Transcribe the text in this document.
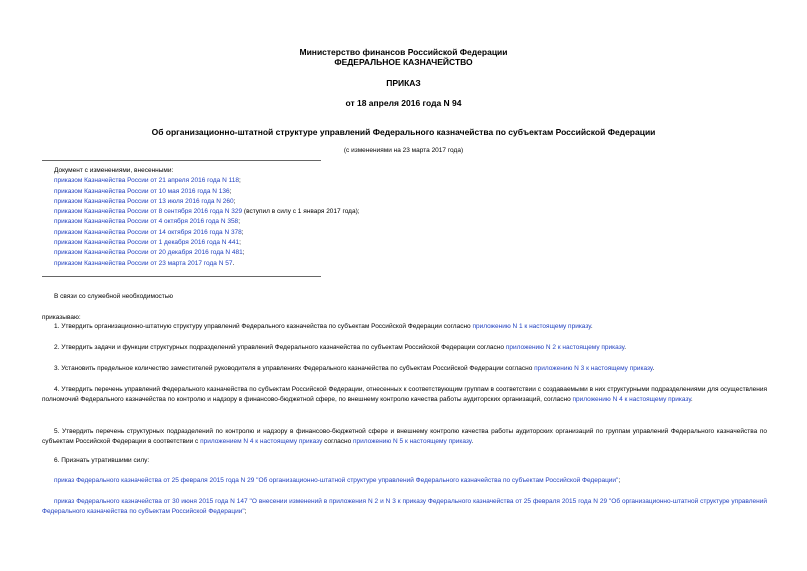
Министерство финансов Российской Федерации
ФЕДЕРАЛЬНОЕ КАЗНАЧЕЙСТВО
ПРИКАЗ
от 18 апреля 2016 года N 94
Об организационно-штатной структуре управлений Федерального казначейства по субъектам Российской Федерации
(с изменениями на 23 марта 2017 года)
Документ с изменениями, внесенными:
приказом Казначейства России от 21 апреля 2016 года N 118;
приказом Казначейства России от 10 мая 2016 года N 136;
приказом Казначейства России от 13 июля 2016 года N 260;
приказом Казначейства России от 8 сентября 2016 года N 329 (вступил в силу с 1 января 2017 года);
приказом Казначейства России от 4 октября 2016 года N 358;
приказом Казначейства России от 14 октября 2016 года N 378;
приказом Казначейства России от 1 декабря 2016 года N 441;
приказом Казначейства России от 20 декабря 2016 года N 481;
приказом Казначейства России от 23 марта 2017 года N 57.
В связи со служебной необходимостью
приказываю:
1. Утвердить организационно-штатную структуру управлений Федерального казначейства по субъектам Российской Федерации согласно приложению N 1 к настоящему приказу.
2. Утвердить задачи и функции структурных подразделений управлений Федерального казначейства по субъектам Российской Федерации согласно приложению N 2 к настоящему приказу.
3. Установить предельное количество заместителей руководителя в управлениях Федерального казначейства по субъектам Российской Федерации согласно приложению N 3 к настоящему приказу.
4. Утвердить перечень управлений Федерального казначейства по субъектам Российской Федерации, отнесенных к соответствующим группам в соответствии с создаваемыми в них структурными подразделениями для осуществления полномочий Федерального казначейства по контролю и надзору в финансово-бюджетной сфере, по внешнему контролю качества работы аудиторских организаций, согласно приложению N 4 к настоящему приказу.
5. Утвердить перечень структурных подразделений по контролю и надзору в финансово-бюджетной сфере и внешнему контролю качества работы аудиторских организаций по группам управлений Федерального казначейства по субъектам Российской Федерации в соответствии с приложением N 4 к настоящему приказу согласно приложению N 5 к настоящему приказу.
6. Признать утратившими силу:
приказ Федерального казначейства от 25 февраля 2015 года N 29 "Об организационно-штатной структуре управлений Федерального казначейства по субъектам Российской Федерации";
приказ Федерального казначейства от 30 июня 2015 года N 147 "О внесении изменений в приложения N 2 и N 3 к приказу Федерального казначейства от 25 февраля 2015 года N 29 "Об организационно-штатной структуре управлений Федерального казначейства по субъектам Российской Федерации";
